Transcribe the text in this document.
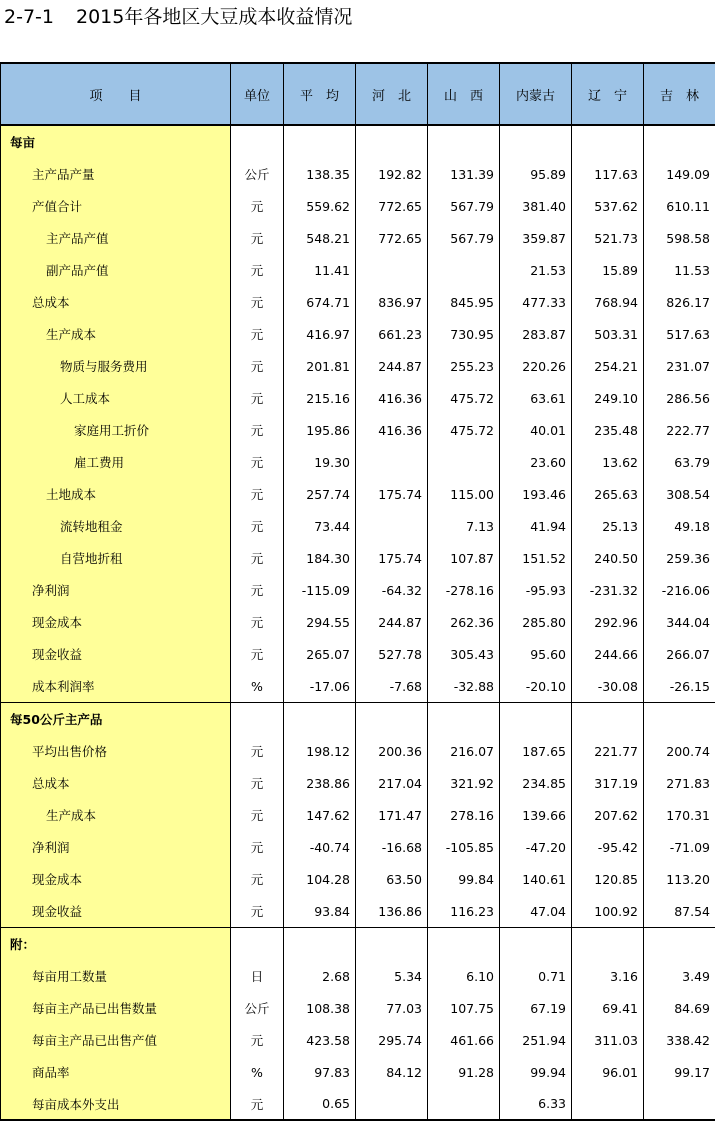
2-7-1 2015年各地区大豆成本收益情况
项　　目	单位	平　均	河　北	山　西	内蒙古	辽　宁	吉　林
每亩							
主产品产量	公斤	138.35	192.82	131.39	95.89	117.63	149.09
产值合计	元	559.62	772.65	567.79	381.40	537.62	610.11
主产品产值	元	548.21	772.65	567.79	359.87	521.73	598.58
副产品产值	元	11.41			21.53	15.89	11.53
总成本	元	674.71	836.97	845.95	477.33	768.94	826.17
生产成本	元	416.97	661.23	730.95	283.87	503.31	517.63
物质与服务费用	元	201.81	244.87	255.23	220.26	254.21	231.07
人工成本	元	215.16	416.36	475.72	63.61	249.10	286.56
家庭用工折价	元	195.86	416.36	475.72	40.01	235.48	222.77
雇工费用	元	19.30			23.60	13.62	63.79
土地成本	元	257.74	175.74	115.00	193.46	265.63	308.54
流转地租金	元	73.44		7.13	41.94	25.13	49.18
自营地折租	元	184.30	175.74	107.87	151.52	240.50	259.36
净利润	元	-115.09	-64.32	-278.16	-95.93	-231.32	-216.06
现金成本	元	294.55	244.87	262.36	285.80	292.96	344.04
现金收益	元	265.07	527.78	305.43	95.60	244.66	266.07
成本利润率	%	-17.06	-7.68	-32.88	-20.10	-30.08	-26.15
每50公斤主产品							
平均出售价格	元	198.12	200.36	216.07	187.65	221.77	200.74
总成本	元	238.86	217.04	321.92	234.85	317.19	271.83
生产成本	元	147.62	171.47	278.16	139.66	207.62	170.31
净利润	元	-40.74	-16.68	-105.85	-47.20	-95.42	-71.09
现金成本	元	104.28	63.50	99.84	140.61	120.85	113.20
现金收益	元	93.84	136.86	116.23	47.04	100.92	87.54
附：							
每亩用工数量	日	2.68	5.34	6.10	0.71	3.16	3.49
每亩主产品已出售数量	公斤	108.38	77.03	107.75	67.19	69.41	84.69
每亩主产品已出售产值	元	423.58	295.74	461.66	251.94	311.03	338.42
商品率	%	97.83	84.12	91.28	99.94	96.01	99.17
每亩成本外支出	元	0.65			6.33		
